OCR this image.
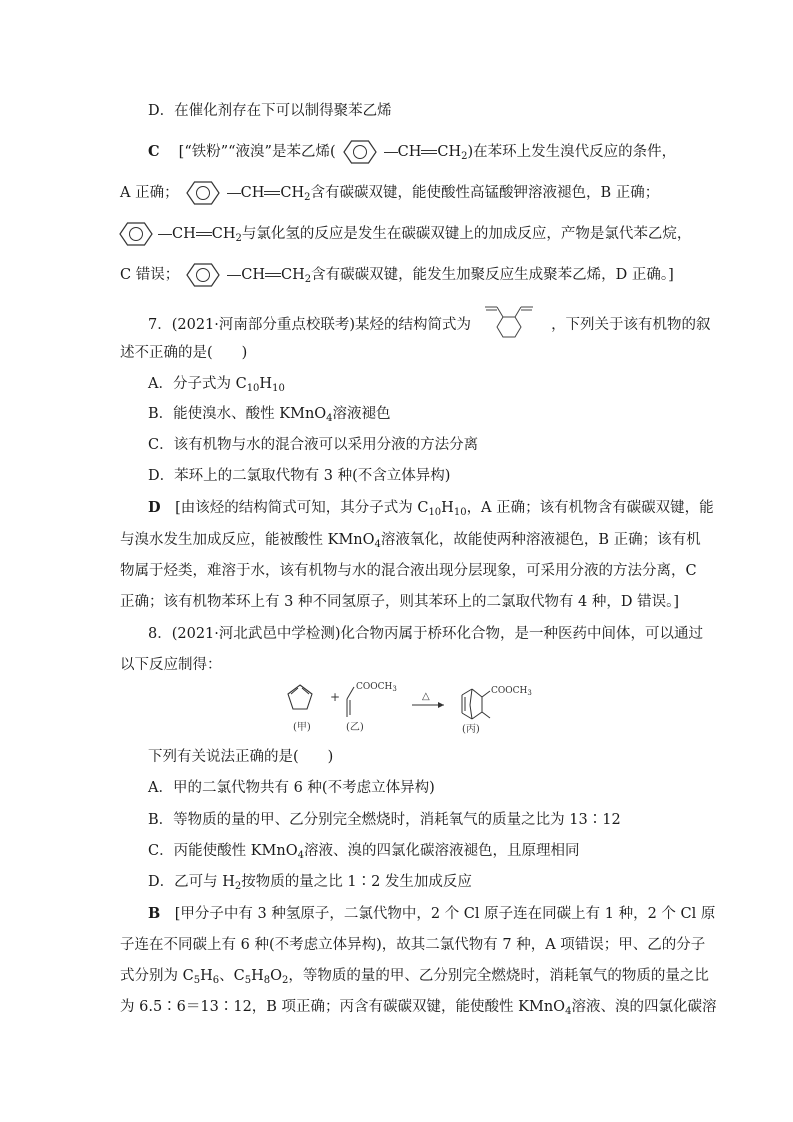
D．在催化剂存在下可以制得聚苯乙烯
C   [“铁粉”“液溴”是苯乙烯(	CH $CH_2$)在苯环上发生溴代反应的条件，
A 正确；	CH $CH_2$含有碳碳双键，能使酸性高锰酸钾溶液褪色，B 正确；
CH $CH_2$与氯化氢的反应是发生在碳碳双键上的加成反应，产物是氯代苯乙烷，
C 错误；	CH $CH_2$含有碳碳双键，能发生加聚反应生成聚苯乙烯，D 正确。]
7．(2021·河南部分重点校联考)某烃的结构简式为	，下列关于该有机物的叙
述不正确的是(　　)
A．分子式为 $C_{10}H_{10}$
B．能使溴水、酸性 KMnO$_4$溶液褪色
C．该有机物与水的混合液可以采用分液的方法分离
D．苯环上的二氯取代物有 3 种(不含立体异构)
D  [由该烃的结构简式可知，其分子式为 $C_{10}H_{10}$，A 正确；该有机物含有碳碳双键，能
与溴水发生加成反应，能被酸性 KMnO$_4$溶液氧化，故能使两种溶液褪色，B 正确；该有机
物属于烃类，难溶于水，该有机物与水的混合液出现分层现象，可采用分液的方法分离，C
正确；该有机物苯环上有 3 种不同氢原子，则其苯环上的二氯取代物有 4 种，D 错误。]
8．(2021·河北武邑中学检测)化合物丙属于桥环化合物，是一种医药中间体，可以通过
以下反应制得：
(甲)
+
$COOCH_3$
(乙)
△	$COOCH_3$
(丙)
下列有关说法正确的是(　　)
A．甲的二氯代物共有 6 种(不考虑立体异构)
B．等物质的量的甲、乙分别完全燃烧时，消耗氧气的质量之比为 13∶12
C．丙能使酸性 KMnO$_4$溶液、溴的四氯化碳溶液褪色，且原理相同
D．乙可与 $H_2$按物质的量之比 1∶2 发生加成反应
B  [甲分子中有 3 种氢原子，二氯代物中，2 个 Cl 原子连在同碳上有 1 种，2 个 Cl 原
子连在不同碳上有 6 种(不考虑立体异构)，故其二氯代物有 7 种，A 项错误；甲、乙的分子
式分别为 $C_5H_6$、$C_5H_8O_2$，等物质的量的甲、乙分别完全燃烧时，消耗氧气的物质的量之比
为 6.5∶6＝13∶12，B 项正确；丙含有碳碳双键，能使酸性 KMnO$_4$溶液、溴的四氯化碳溶
